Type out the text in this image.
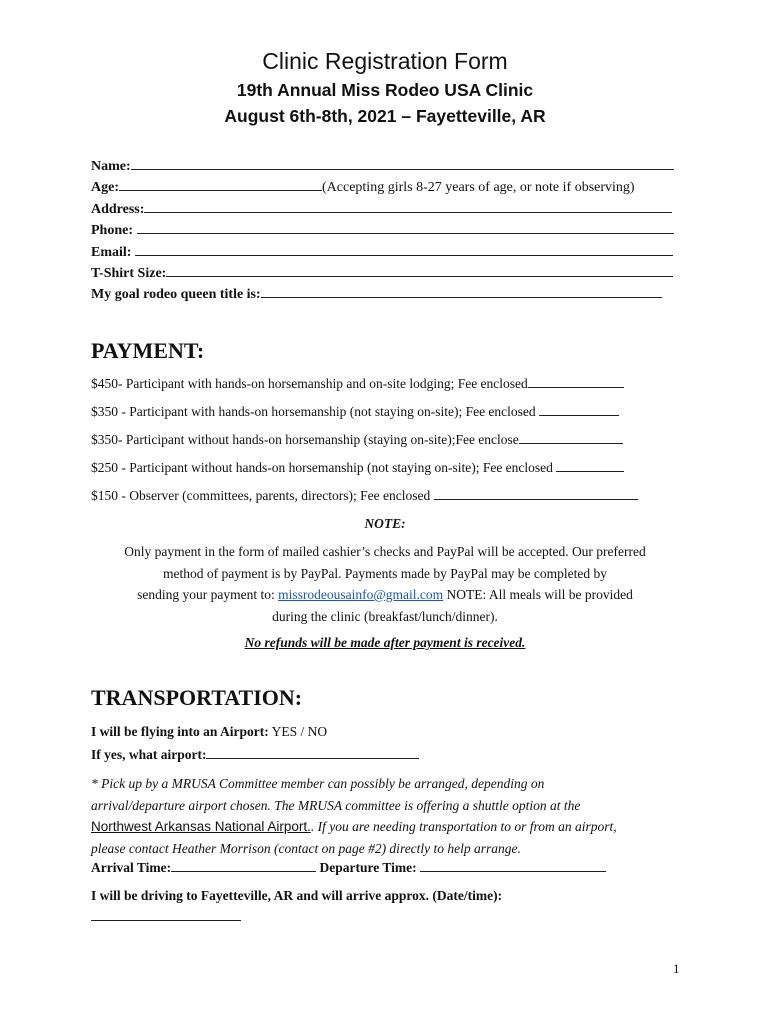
Clinic Registration Form
19th Annual Miss Rodeo USA Clinic
August 6th-8th, 2021 – Fayetteville, AR
Name:
Age:	(Accepting girls 8-27 years of age, or note if observing)
Address:
Phone:
Email:
T-Shirt Size:
My goal rodeo queen title is:
PAYMENT:
$450- Participant with hands-on horsemanship and on-site lodging; Fee enclosed
$350 - Participant with hands-on horsemanship (not staying on-site); Fee enclosed
$350- Participant without hands-on horsemanship (staying on-site);Fee enclose
$250 - Participant without hands-on horsemanship (not staying on-site); Fee enclosed
$150 - Observer (committees, parents, directors); Fee enclosed
NOTE:
Only payment in the form of mailed cashier’s checks and PayPal will be accepted. Our preferred
method of payment is by PayPal. Payments made by PayPal may be completed by
sending your payment to: missrodeousainfo@gmail.com NOTE: All meals will be provided
during the clinic (breakfast/lunch/dinner).
No refunds will be made after payment is received.
TRANSPORTATION:
I will be flying into an Airport: YES / NO
If yes, what airport:
* Pick up by a MRUSA Committee member can possibly be arranged, depending on
arrival/departure airport chosen. The MRUSA committee is offering a shuttle option at the
Northwest Arkansas National Airport.. If you are needing transportation to or from an airport,
please contact Heather Morrison (contact on page #2) directly to help arrange.
Arrival Time:	Departure Time:
I will be driving to Fayetteville, AR and will arrive approx. (Date/time):
1
